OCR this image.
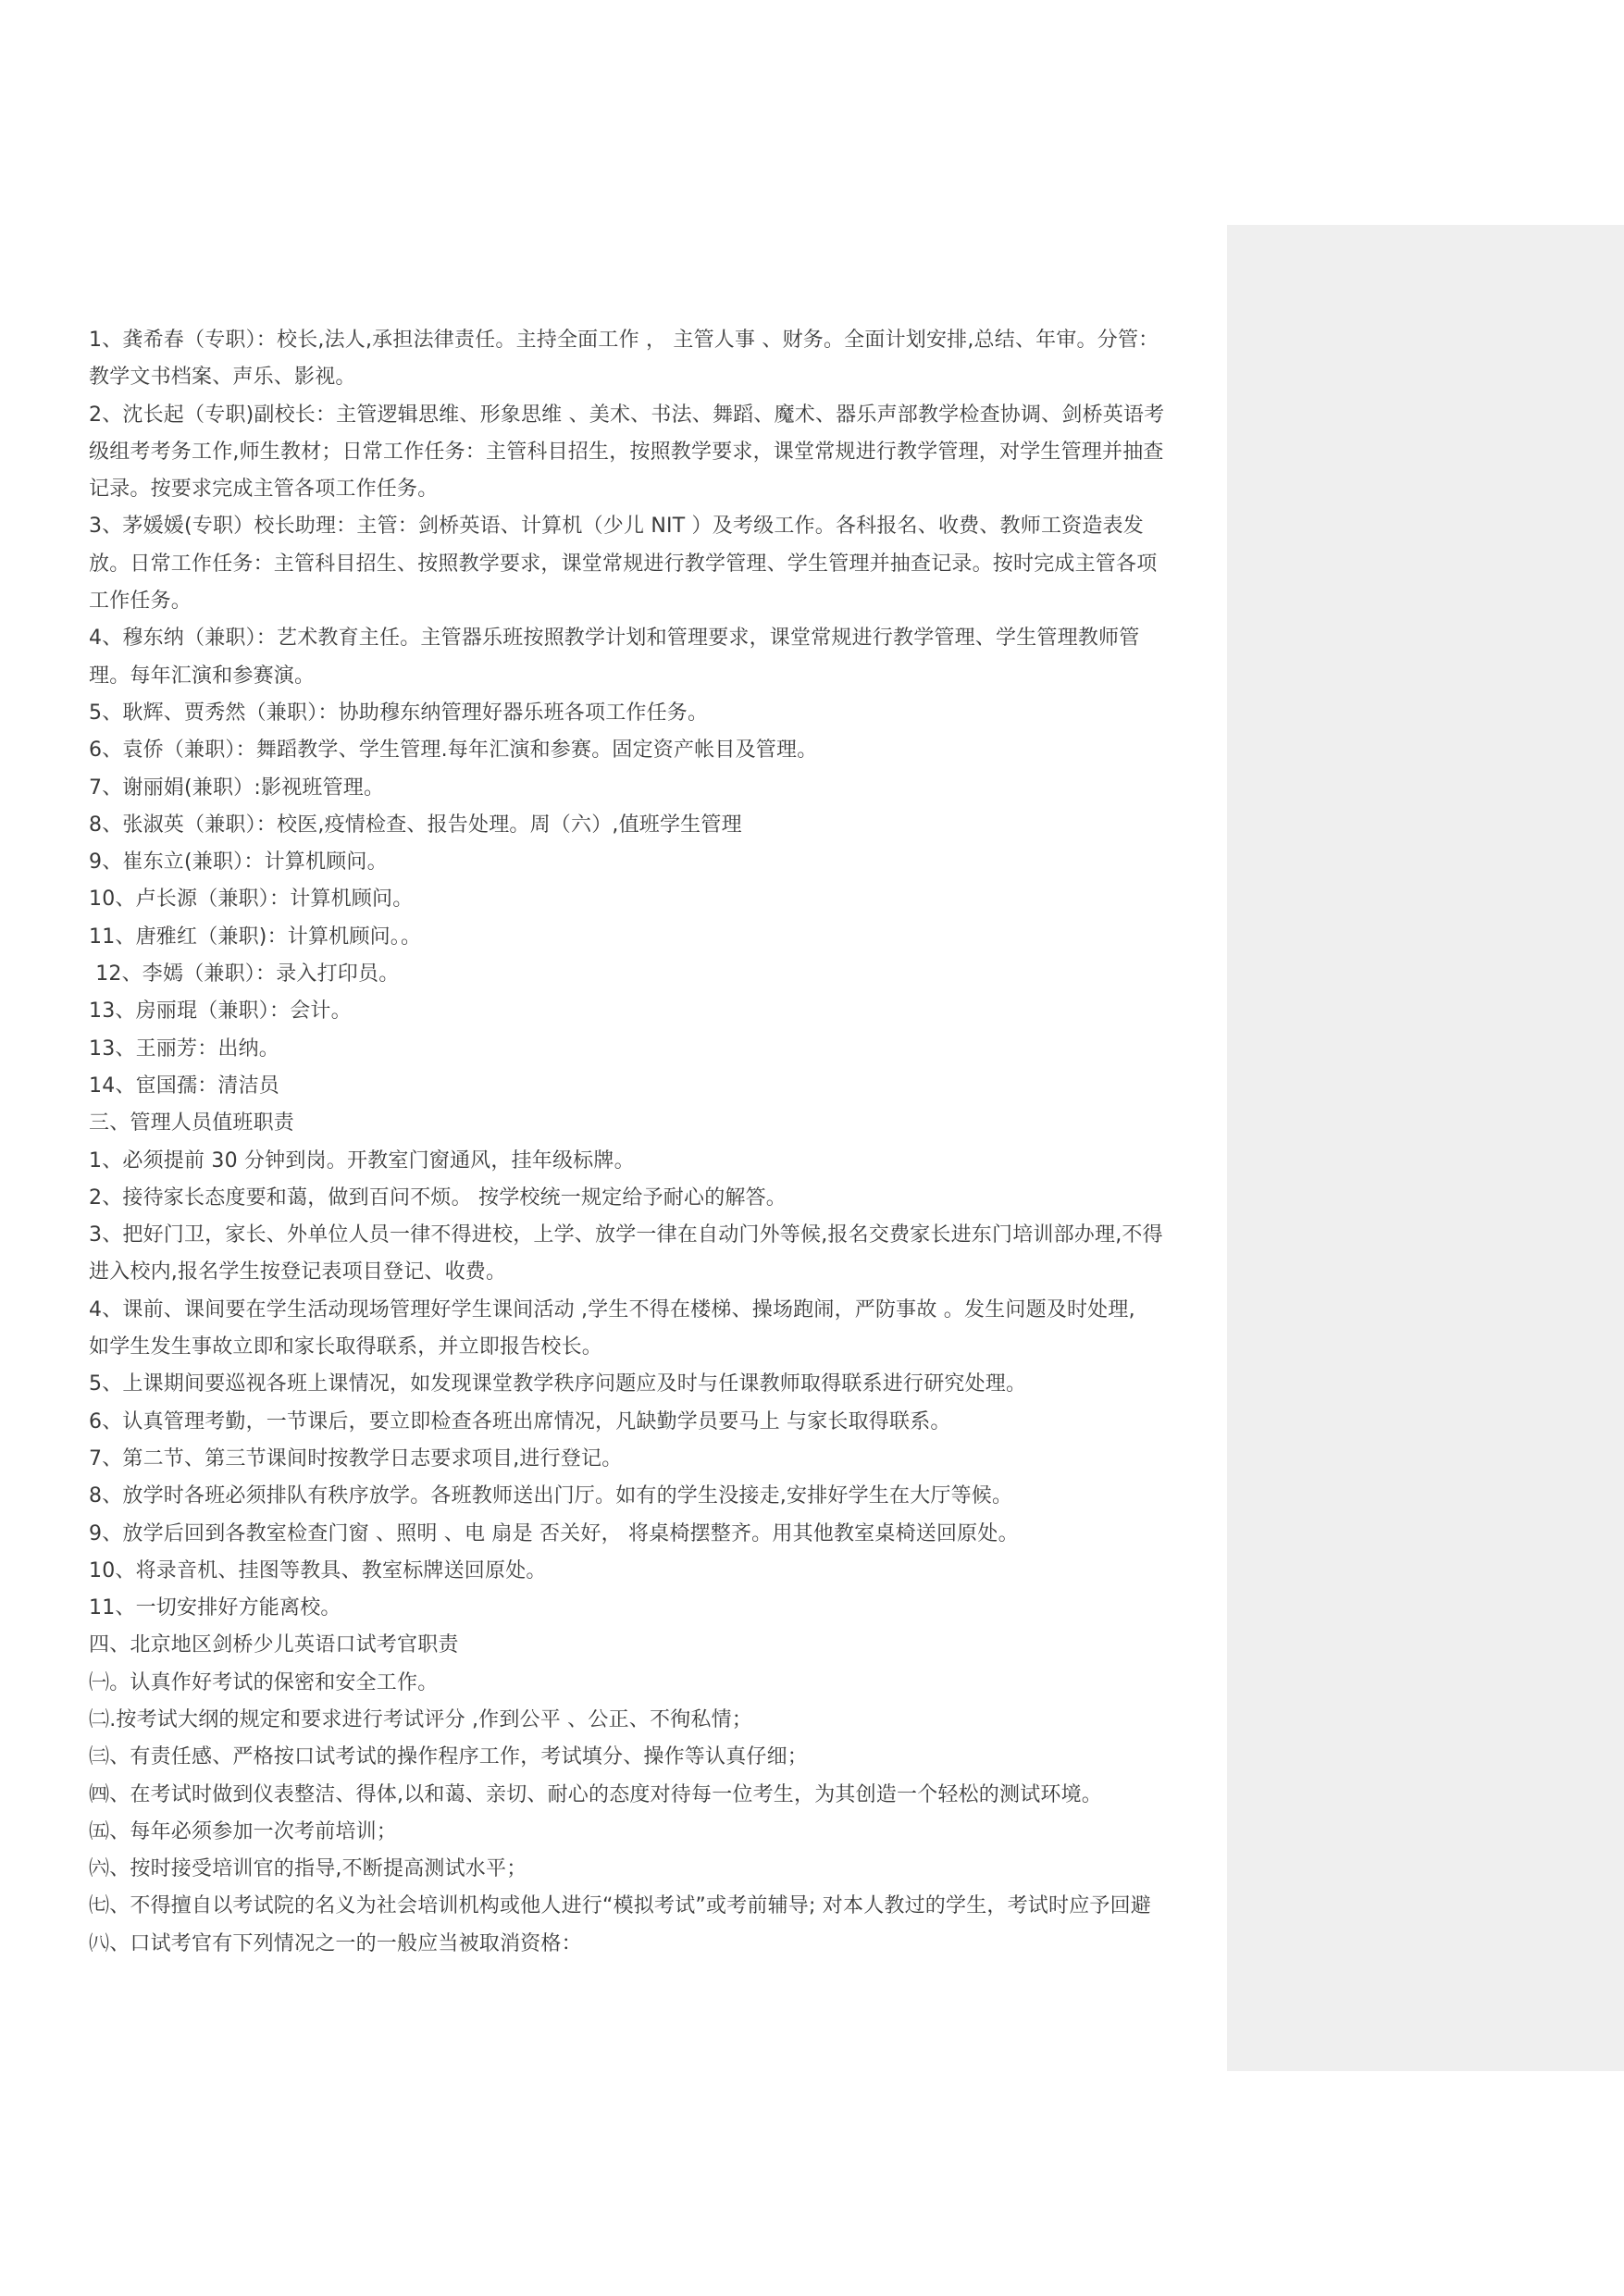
1、龚希春（专职）：校长,法人,承担法律责任。主持全面工作 ， 主管人事 、财务。全面计划安排,总结、年审。分管：
教学文书档案、声乐、影视。
2、沈长起（专职)副校长：主管逻辑思维、形象思维 、美术、书法、舞蹈、魔术、器乐声部教学检查协调、剑桥英语考
级组考考务工作,师生教材；日常工作任务：主管科目招生，按照教学要求，课堂常规进行教学管理，对学生管理并抽查
记录。按要求完成主管各项工作任务。
3、茅媛媛(专职）校长助理：主管：剑桥英语、计算机（少儿 NIT ）及考级工作。各科报名、收费、教师工资造表发
放。日常工作任务：主管科目招生、按照教学要求，课堂常规进行教学管理、学生管理并抽查记录。按时完成主管各项
工作任务。
4、穆东纳（兼职）：艺术教育主任。主管器乐班按照教学计划和管理要求，课堂常规进行教学管理、学生管理教师管
理。每年汇演和参赛演。
5、耿辉、贾秀然（兼职）：协助穆东纳管理好器乐班各项工作任务。
6、袁侨（兼职）：舞蹈教学、学生管理.每年汇演和参赛。固定资产帐目及管理。
7、谢丽娟(兼职）:影视班管理。
8、张淑英（兼职）：校医,疫情检查、报告处理。周（六）,值班学生管理
9、崔东立(兼职）：计算机顾问。
10、卢长源（兼职）：计算机顾问。
11、唐雅红（兼职)：计算机顾问。。
12、李嫣（兼职）：录入打印员。
13、房丽琨（兼职）：会计。
13、王丽芳：出纳。
14、宦国孺：清洁员
三、管理人员值班职责
1、必须提前 30 分钟到岗。开教室门窗通风，挂年级标牌。
2、接待家长态度要和蔼，做到百问不烦。 按学校统一规定给予耐心的解答。
3、把好门卫，家长、外单位人员一律不得进校，上学、放学一律在自动门外等候,报名交费家长进东门培训部办理,不得
进入校内,报名学生按登记表项目登记、收费。
4、课前、课间要在学生活动现场管理好学生课间活动 ,学生不得在楼梯、操场跑闹，严防事故 。发生问题及时处理,
如学生发生事故立即和家长取得联系，并立即报告校长。
5、上课期间要巡视各班上课情况，如发现课堂教学秩序问题应及时与任课教师取得联系进行研究处理。
6、认真管理考勤，一节课后，要立即检查各班出席情况，凡缺勤学员要马上 与家长取得联系。
7、第二节、第三节课间时按教学日志要求项目,进行登记。
8、放学时各班必须排队有秩序放学。各班教师送出门厅。如有的学生没接走,安排好学生在大厅等候。
9、放学后回到各教室检查门窗 、照明 、电 扇是 否关好， 将桌椅摆整齐。用其他教室桌椅送回原处。
10、将录音机、挂图等教具、教室标牌送回原处。
11、一切安排好方能离校。
四、北京地区剑桥少儿英语口试考官职责
㈠。认真作好考试的保密和安全工作。
㈡.按考试大纲的规定和要求进行考试评分 ,作到公平 、公正、不徇私情；
㈢、有责任感、严格按口试考试的操作程序工作，考试填分、操作等认真仔细；
㈣、在考试时做到仪表整洁、得体,以和蔼、亲切、耐心的态度对待每一位考生，为其创造一个轻松的测试环境。
㈤、每年必须参加一次考前培训；
㈥、按时接受培训官的指导,不断提高测试水平；
㈦、不得擅自以考试院的名义为社会培训机构或他人进行“模拟考试”或考前辅导; 对本人教过的学生，考试时应予回避
㈧、口试考官有下列情况之一的一般应当被取消资格：
